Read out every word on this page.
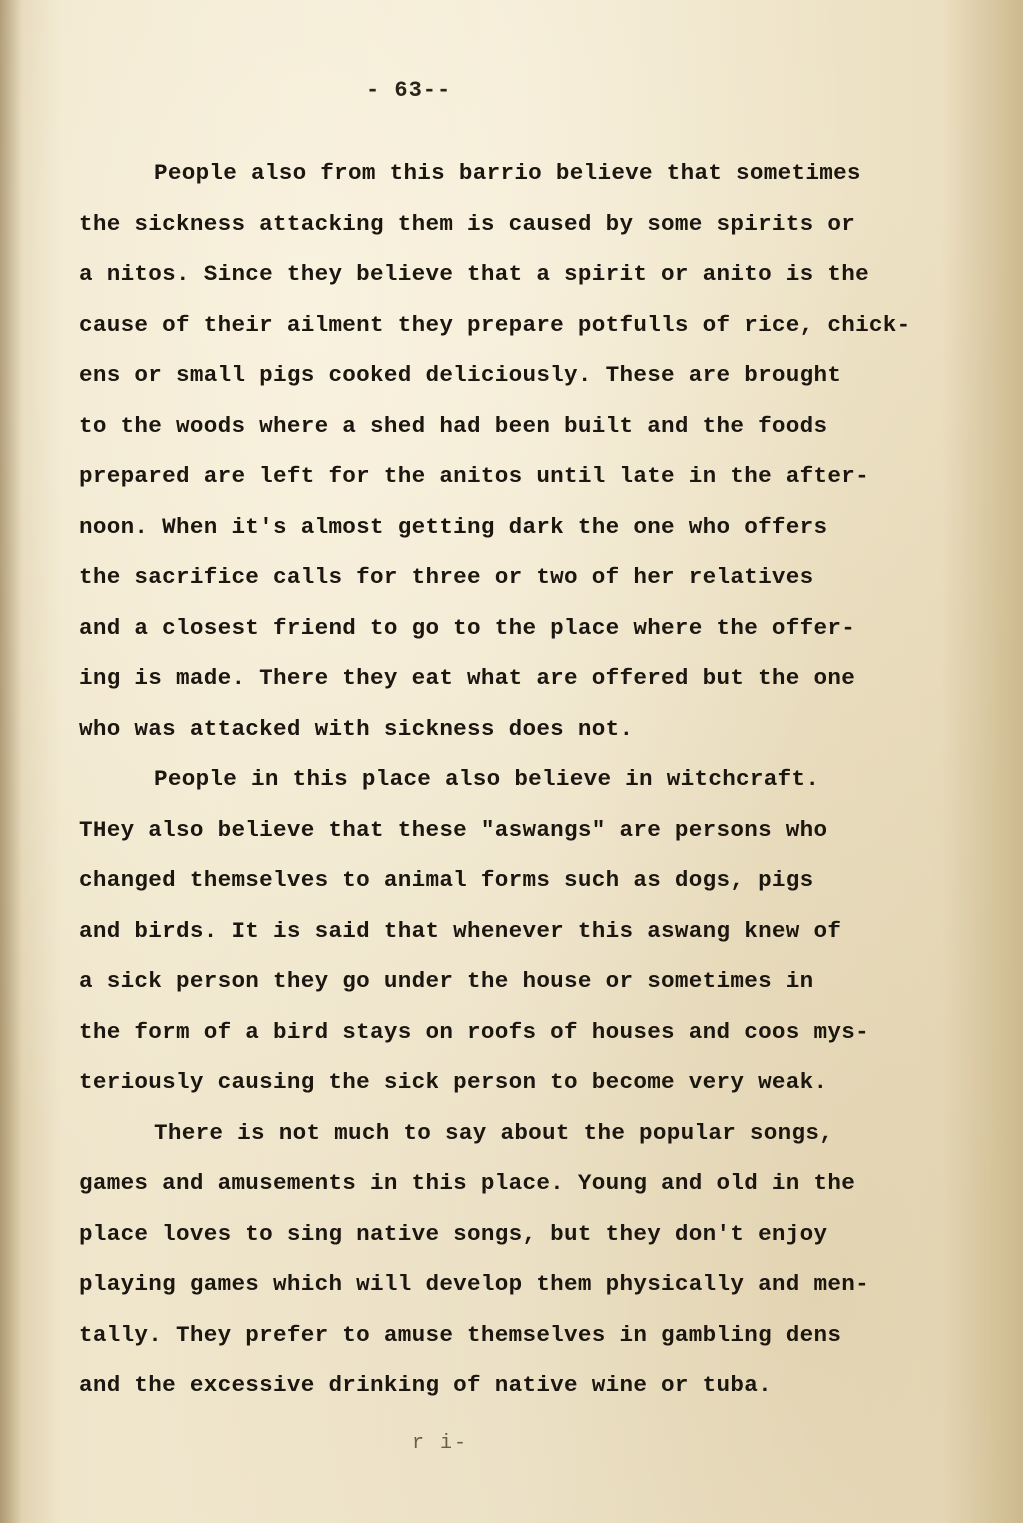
- 63--
People also from this barrio believe that sometimes
the sickness attacking them is caused by some spirits or
a nitos. Since they believe that a spirit or anito is the
cause of their ailment they prepare potfulls of rice, chick-
ens or small pigs cooked deliciously. These are brought
to the woods where a shed had been built and the foods
prepared are left for the anitos until late in the after-
noon. When it's almost getting dark the one who offers
the sacrifice calls for three or two of her relatives
and a closest friend to go to the place where the offer-
ing is made. There they eat what are offered but the one
who was attacked with sickness does not.
People in this place also believe in witchcraft.
THey also believe that these "aswangs" are persons who
changed themselves to animal forms such as dogs, pigs
and birds. It is said that whenever this aswang knew of
a sick person they go under the house or sometimes in
the form of a bird stays on roofs of houses and coos mys-
teriously causing the sick person to become very weak.
There is not much to say about the popular songs,
games and amusements in this place. Young and old in the
place loves to sing native songs, but they don't enjoy
playing games which will develop them physically and men-
tally. They prefer to amuse themselves in gambling dens
and the excessive drinking of native wine or tuba.
r i-
